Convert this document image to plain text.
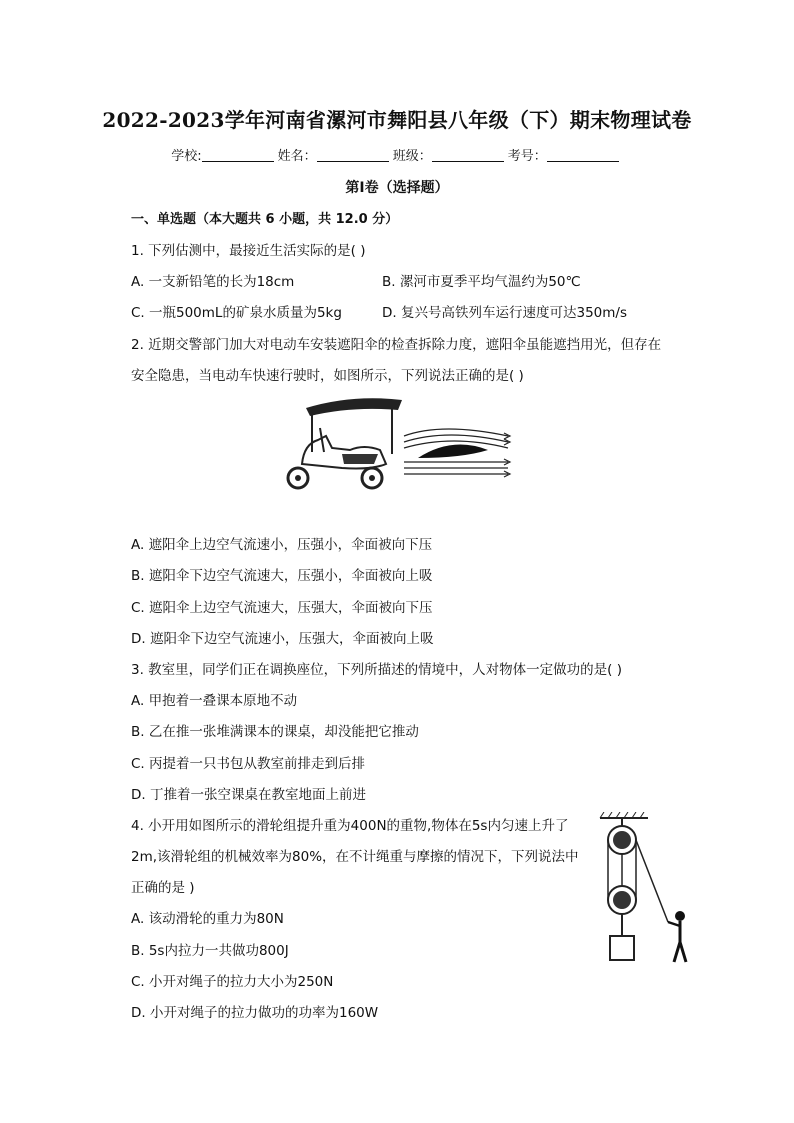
2022-2023学年河南省漯河市舞阳县八年级（下）期末物理试卷
学校:	姓名：	班级：	考号：
第I卷（选择题）
一、单选题（本大题共 6 小题，共 12.0 分）
1. 下列估测中，最接近生活实际的是( )
A. 一支新铅笔的长为18cm	B. 漯河市夏季平均气温约为50℃
C. 一瓶500mL的矿泉水质量为5kg	D. 复兴号高铁列车运行速度可达350m/s
2. 近期交警部门加大对电动车安装遮阳伞的检查拆除力度，遮阳伞虽能遮挡用光，但存在
安全隐患，当电动车快速行驶时，如图所示，下列说法正确的是( )
A. 遮阳伞上边空气流速小，压强小，伞面被向下压
B. 遮阳伞下边空气流速大，压强小，伞面被向上吸
C. 遮阳伞上边空气流速大，压强大，伞面被向下压
D. 遮阳伞下边空气流速小，压强大，伞面被向上吸
3. 教室里，同学们正在调换座位，下列所描述的情境中，人对物体一定做功的是( )
A. 甲抱着一叠课本原地不动
B. 乙在推一张堆满课本的课桌，却没能把它推动
C. 丙提着一只书包从教室前排走到后排
D. 丁推着一张空课桌在教室地面上前进
4. 小开用如图所示的滑轮组提升重为400N的重物,物体在5s内匀速上升了
2m,该滑轮组的机械效率为80%，在不计绳重与摩擦的情况下，下列说法中
正确的是 )
A. 该动滑轮的重力为80N
B. 5s内拉力一共做功800J
C. 小开对绳子的拉力大小为250N
D. 小开对绳子的拉力做功的功率为160W
